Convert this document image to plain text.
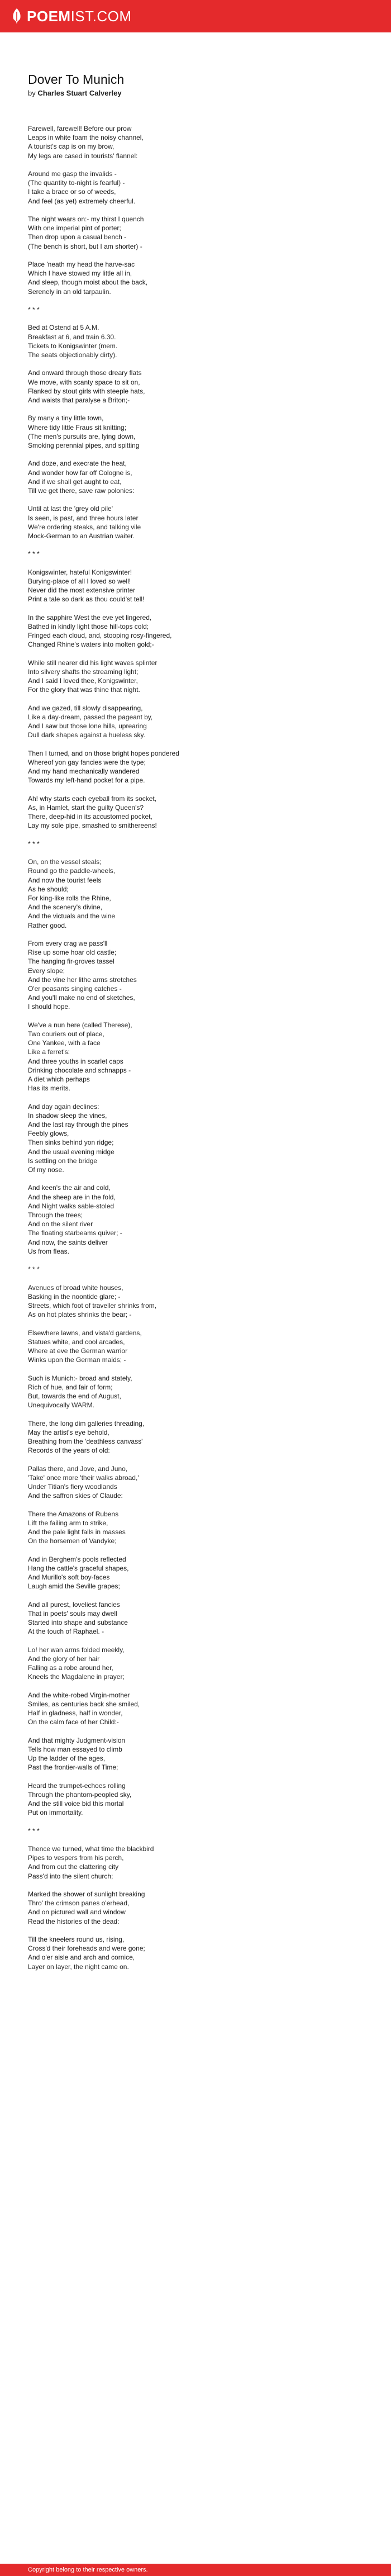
POEM IST.COM
Dover To Munich
by Charles Stuart Calverley

Farewell, farewell! Before our prow
Leaps in white foam the noisy channel,
A tourist's cap is on my brow,
My legs are cased in tourists' flannel:

Around me gasp the invalids -
(The quantity to-night is fearful) -
I take a brace or so of weeds,
And feel (as yet) extremely cheerful.

The night wears on:- my thirst I quench
With one imperial pint of porter;
Then drop upon a casual bench -
(The bench is short, but I am shorter) -

Place 'neath my head the harve-sac
Which I have stowed my little all in,
And sleep, though moist about the back,
Serenely in an old tarpaulin.

* * *

Bed at Ostend at 5 A.M.
Breakfast at 6, and train 6.30.
Tickets to Konigswinter (mem.
The seats objectionably dirty).

And onward through those dreary flats
We move, with scanty space to sit on,
Flanked by stout girls with steeple hats,
And waists that paralyse a Briton;-

By many a tiny little town,
Where tidy little Fraus sit knitting;
(The men's pursuits are, lying down,
Smoking perennial pipes, and spitting

And doze, and execrate the heat,
And wonder how far off Cologne is,
And if we shall get aught to eat,
Till we get there, save raw polonies:

Until at last the 'grey old pile'
Is seen, is past, and three hours later
We're ordering steaks, and talking vile
Mock-German to an Austrian waiter.

* * *

Konigswinter, hateful Konigswinter!
Burying-place of all I loved so well!
Never did the most extensive printer
Print a tale so dark as thou could'st tell!

In the sapphire West the eve yet lingered,
Bathed in kindly light those hill-tops cold;
Fringed each cloud, and, stooping rosy-fingered,
Changed Rhine's waters into molten gold;-

While still nearer did his light waves splinter
Into silvery shafts the streaming light;
And I said I loved thee, Konigswinter,
For the glory that was thine that night.

And we gazed, till slowly disappearing,
Like a day-dream, passed the pageant by,
And I saw but those lone hills, uprearing
Dull dark shapes against a hueless sky.

Then I turned, and on those bright hopes pondered
Whereof yon gay fancies were the type;
And my hand mechanically wandered
Towards my left-hand pocket for a pipe.

Ah! why starts each eyeball from its socket,
As, in Hamlet, start the guilty Queen's?
There, deep-hid in its accustomed pocket,
Lay my sole pipe, smashed to smithereens!

* * *

On, on the vessel steals;
Round go the paddle-wheels,
And now the tourist feels
As he should;
For king-like rolls the Rhine,
And the scenery's divine,
And the victuals and the wine
Rather good.

From every crag we pass'll
Rise up some hoar old castle;
The hanging fir-groves tassel
Every slope;
And the vine her lithe arms stretches
O'er peasants singing catches -
And you'll make no end of sketches,
I should hope.

We've a nun here (called Therese),
Two couriers out of place,
One Yankee, with a face
Like a ferret's:
And three youths in scarlet caps
Drinking chocolate and schnapps -
A diet which perhaps
Has its merits.

And day again declines:
In shadow sleep the vines,
And the last ray through the pines
Feebly glows,
Then sinks behind yon ridge;
And the usual evening midge
Is settling on the bridge
Of my nose.

And keen's the air and cold,
And the sheep are in the fold,
And Night walks sable-stoled
Through the trees;
And on the silent river
The floating starbeams quiver; -
And now, the saints deliver
Us from fleas.

* * *

Avenues of broad white houses,
Basking in the noontide glare; -
Streets, which foot of traveller shrinks from,
As on hot plates shrinks the bear; -

Elsewhere lawns, and vista'd gardens,
Statues white, and cool arcades,
Where at eve the German warrior
Winks upon the German maids; -

Such is Munich:- broad and stately,
Rich of hue, and fair of form;
But, towards the end of August,
Unequivocally WARM.

There, the long dim galleries threading,
May the artist's eye behold,
Breathing from the 'deathless canvass'
Records of the years of old:

Pallas there, and Jove, and Juno,
'Take' once more 'their walks abroad,'
Under Titian's fiery woodlands
And the saffron skies of Claude:

There the Amazons of Rubens
Lift the failing arm to strike,
And the pale light falls in masses
On the horsemen of Vandyke;

And in Berghem's pools reflected
Hang the cattle's graceful shapes,
And Murillo's soft boy-faces
Laugh amid the Seville grapes;

And all purest, loveliest fancies
That in poets' souls may dwell
Started into shape and substance
At the touch of Raphael. -

Lo! her wan arms folded meekly,
And the glory of her hair
Falling as a robe around her,
Kneels the Magdalene in prayer;

And the white-robed Virgin-mother
Smiles, as centuries back she smiled,
Half in gladness, half in wonder,
On the calm face of her Child:-

And that mighty Judgment-vision
Tells how man essayed to climb
Up the ladder of the ages,
Past the frontier-walls of Time;

Heard the trumpet-echoes rolling
Through the phantom-peopled sky,
And the still voice bid this mortal
Put on immortality.

* * *

Thence we turned, what time the blackbird
Pipes to vespers from his perch,
And from out the clattering city
Pass'd into the silent church;

Marked the shower of sunlight breaking
Thro' the crimson panes o'erhead,
And on pictured wall and window
Read the histories of the dead:

Till the kneelers round us, rising,
Cross'd their foreheads and were gone;
And o'er aisle and arch and cornice,
Layer on layer, the night came on.

Copyright belong to their respective owners.
